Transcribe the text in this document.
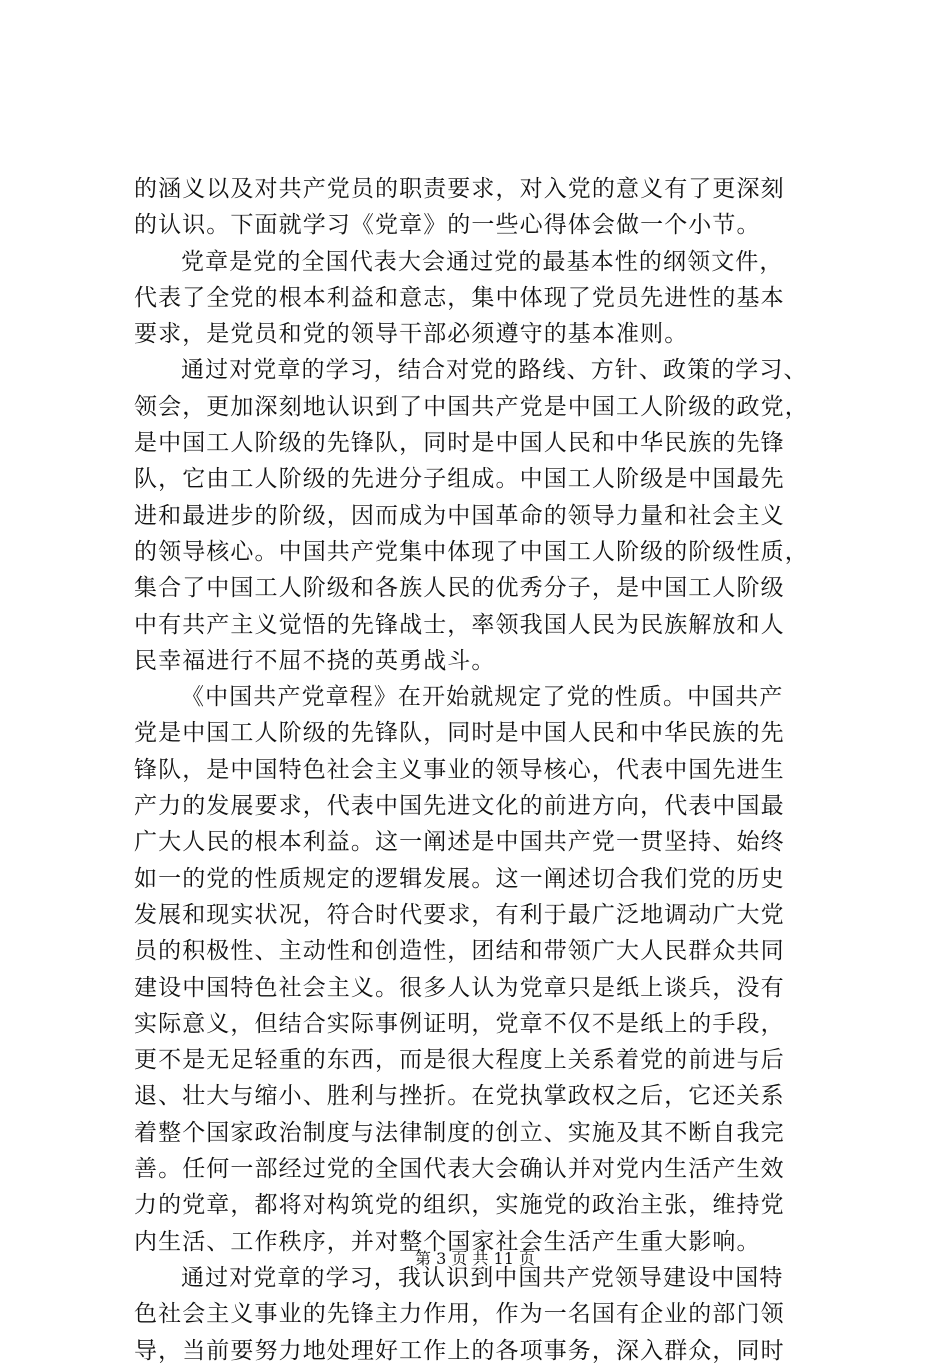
的涵义以及对共产党员的职责要求，对入党的意义有了更深刻
的认识。下面就学习《党章》的一些心得体会做一个小节。
党章是党的全国代表大会通过党的最基本性的纲领文件，
代表了全党的根本利益和意志，集中体现了党员先进性的基本
要求，是党员和党的领导干部必须遵守的基本准则。
通过对党章的学习，结合对党的路线、方针、政策的学习、
领会，更加深刻地认识到了中国共产党是中国工人阶级的政党，
是中国工人阶级的先锋队，同时是中国人民和中华民族的先锋
队，它由工人阶级的先进分子组成。中国工人阶级是中国最先
进和最进步的阶级，因而成为中国革命的领导力量和社会主义
的领导核心。中国共产党集中体现了中国工人阶级的阶级性质，
集合了中国工人阶级和各族人民的优秀分子，是中国工人阶级
中有共产主义觉悟的先锋战士，率领我国人民为民族解放和人
民幸福进行不屈不挠的英勇战斗。
《中国共产党章程》在开始就规定了党的性质。中国共产
党是中国工人阶级的先锋队，同时是中国人民和中华民族的先
锋队，是中国特色社会主义事业的领导核心，代表中国先进生
产力的发展要求，代表中国先进文化的前进方向，代表中国最
广大人民的根本利益。这一阐述是中国共产党一贯坚持、始终
如一的党的性质规定的逻辑发展。这一阐述切合我们党的历史
发展和现实状况，符合时代要求，有利于最广泛地调动广大党
员的积极性、主动性和创造性，团结和带领广大人民群众共同
建设中国特色社会主义。很多人认为党章只是纸上谈兵，没有
实际意义，但结合实际事例证明，党章不仅不是纸上的手段，
更不是无足轻重的东西，而是很大程度上关系着党的前进与后
退、壮大与缩小、胜利与挫折。在党执掌政权之后，它还关系
着整个国家政治制度与法律制度的创立、实施及其不断自我完
善。任何一部经过党的全国代表大会确认并对党内生活产生效
力的党章，都将对构筑党的组织，实施党的政治主张，维持党
内生活、工作秩序，并对整个国家社会生活产生重大影响。
通过对党章的学习，我认识到中国共产党领导建设中国特
色社会主义事业的先锋主力作用，作为一名国有企业的部门领
导，当前要努力地处理好工作上的各项事务，深入群众，同时
第 3 页 共 11 页
